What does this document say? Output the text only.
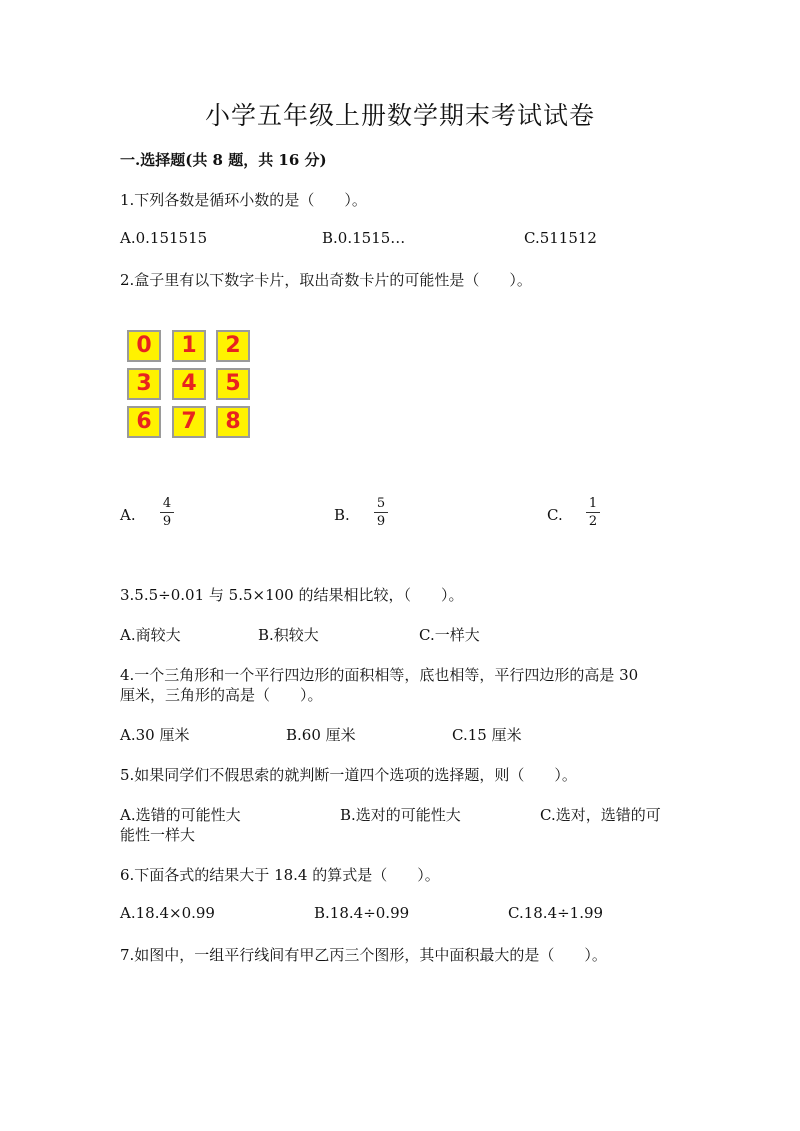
小学五年级上册数学期末考试试卷
一.选择题(共 8 题，共 16 分)
1.下列各数是循环小数的是（　　）。
A.0.151515	B.0.1515…	C.511512
2.盒子里有以下数字卡片，取出奇数卡片的可能性是（　　）。
0	1	2
3	4	5
6	7	8
A.
4
9	B.
5
9	C.
1
2
3.5.5÷0.01 与 5.5×100 的结果相比较，（　　）。
A.商较大	B.积较大	C.一样大
4.一个三角形和一个平行四边形的面积相等，底也相等，平行四边形的高是 30
厘米，三角形的高是（　　）。
A.30 厘米	B.60 厘米	C.15 厘米
5.如果同学们不假思索的就判断一道四个选项的选择题，则（　　）。
A.选错的可能性大	B.选对的可能性大	C.选对，选错的可
能性一样大
6.下面各式的结果大于 18.4 的算式是（　　）。
A.18.4×0.99	B.18.4÷0.99	C.18.4÷1.99
7.如图中，一组平行线间有甲乙丙三个图形，其中面积最大的是（　　）。
